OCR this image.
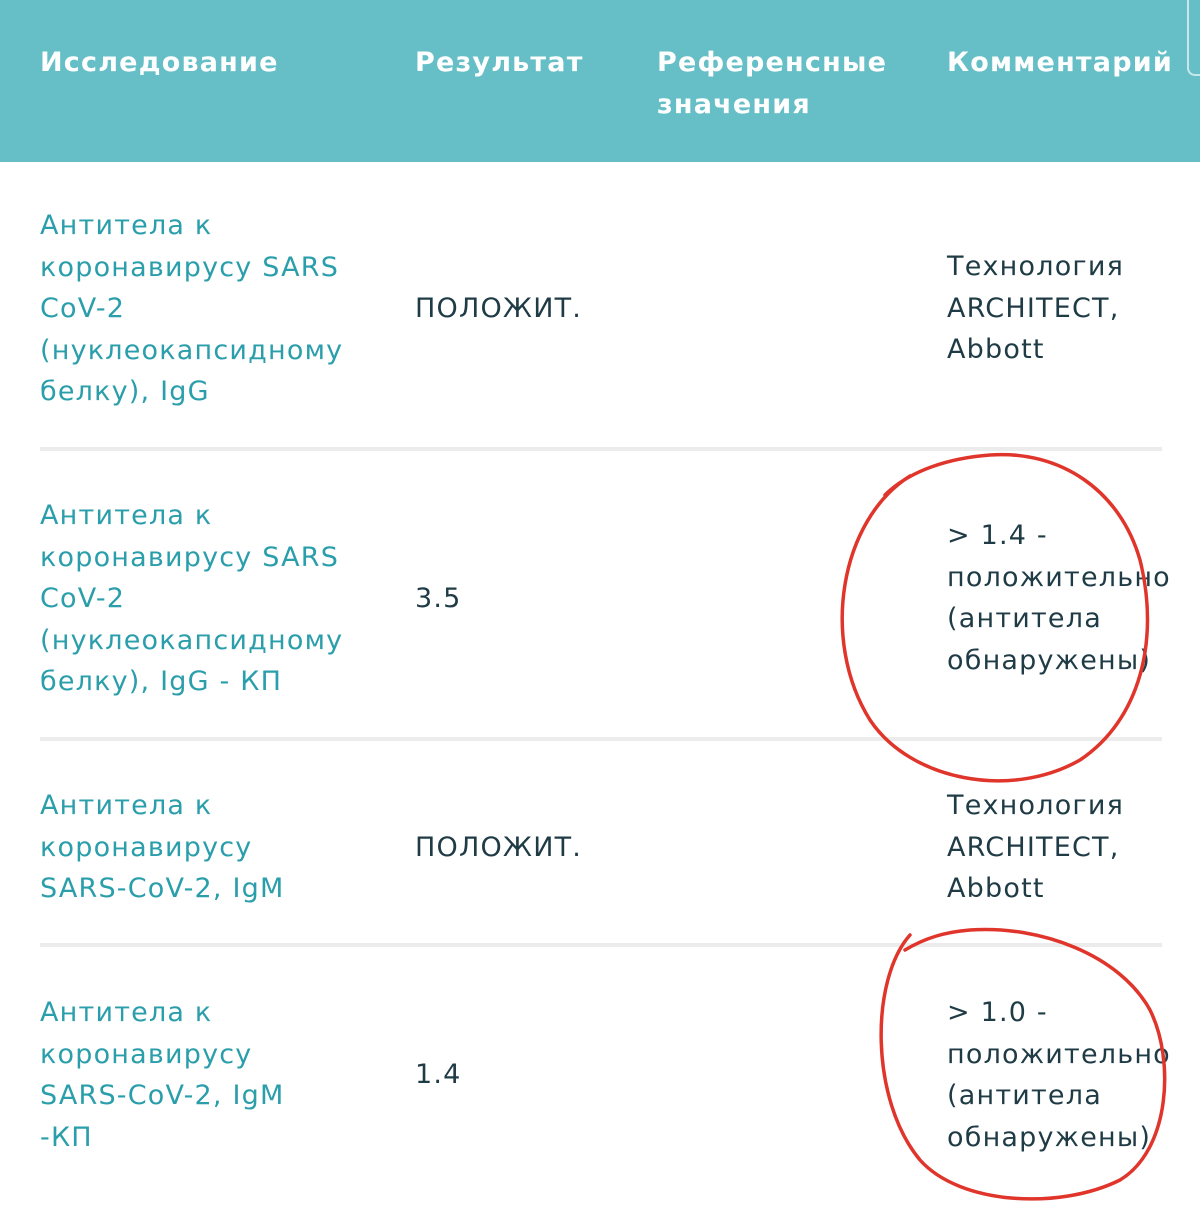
Исследование	Результат	Референсные
значения
Комментарий
Антитела к
коронавирусу SARS
CoV-2
(нуклеокапсидному
белку), IgG
ПОЛОЖИТ.
Технология
ARCHITECT,
Abbott
Антитела к
коронавирусу SARS
CoV-2
(нуклеокапсидному
белку), IgG - КП
3.5
> 1.4 -
положительно
(антитела
обнаружены)
Антитела к
коронавирусу
SARS-CoV-2, IgM
ПОЛОЖИТ.
Технология
ARCHITECT,
Abbott
Антитела к
коронавирусу
SARS-CoV-2, IgM
-КП
1.4
> 1.0 -
положительно
(антитела
обнаружены)
